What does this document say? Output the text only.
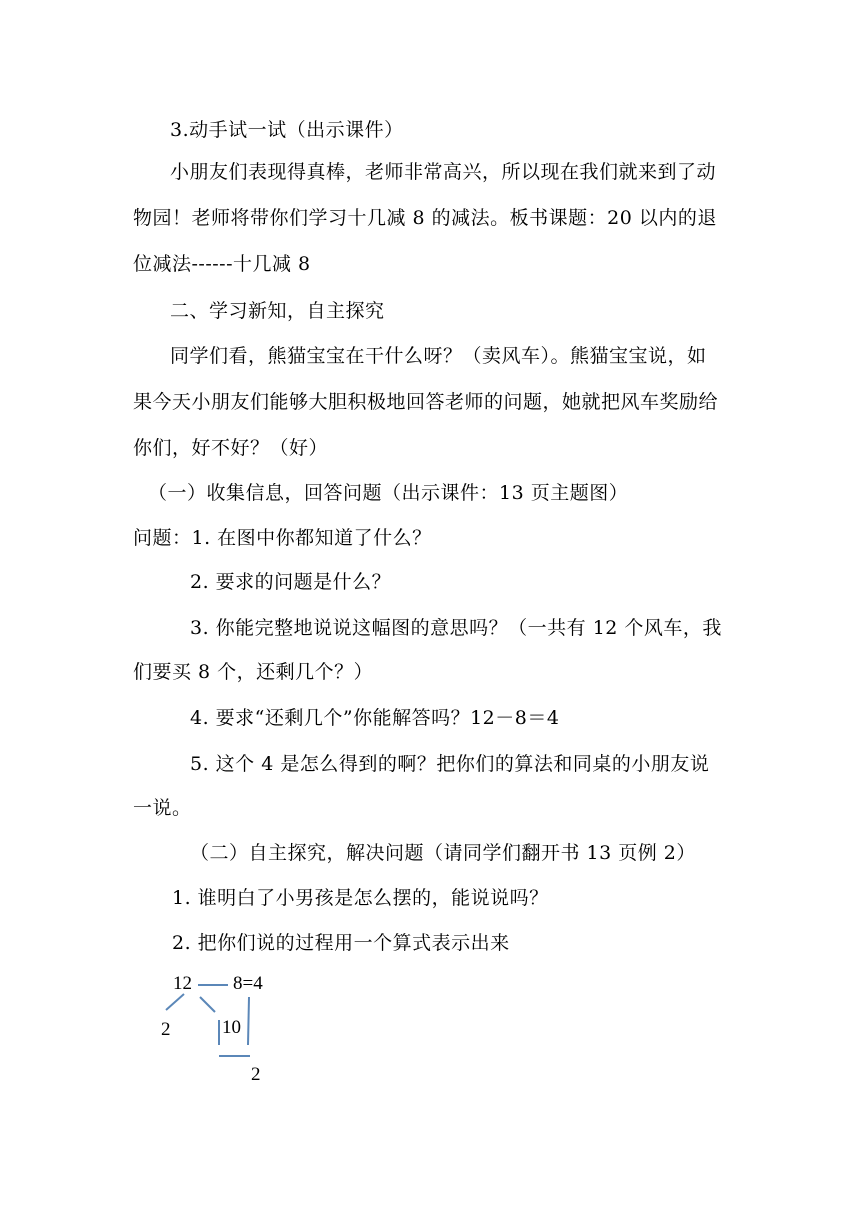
3.动手试一试（出示课件）
小朋友们表现得真棒，老师非常高兴，所以现在我们就来到了动
物园！老师将带你们学习十几减 8 的减法。板书课题：20 以内的退
位减法------十几减 8
二、学习新知，自主探究
同学们看，熊猫宝宝在干什么呀？（卖风车）。熊猫宝宝说，如
果今天小朋友们能够大胆积极地回答老师的问题，她就把风车奖励给
你们，好不好？（好）
（一）收集信息，回答问题（出示课件：13 页主题图）
问题：1. 在图中你都知道了什么？
2. 要求的问题是什么？
3. 你能完整地说说这幅图的意思吗？（一共有 12 个风车，我
们要买 8 个，还剩几个？）
4. 要求“还剩几个”你能解答吗？12－8＝4
5. 这个 4 是怎么得到的啊？把你们的算法和同桌的小朋友说
一说。
（二）自主探究，解决问题（请同学们翻开书 13 页例 2）
1. 谁明白了小男孩是怎么摆的，能说说吗？
2. 把你们说的过程用一个算式表示出来
12 8=4
2	10
2
